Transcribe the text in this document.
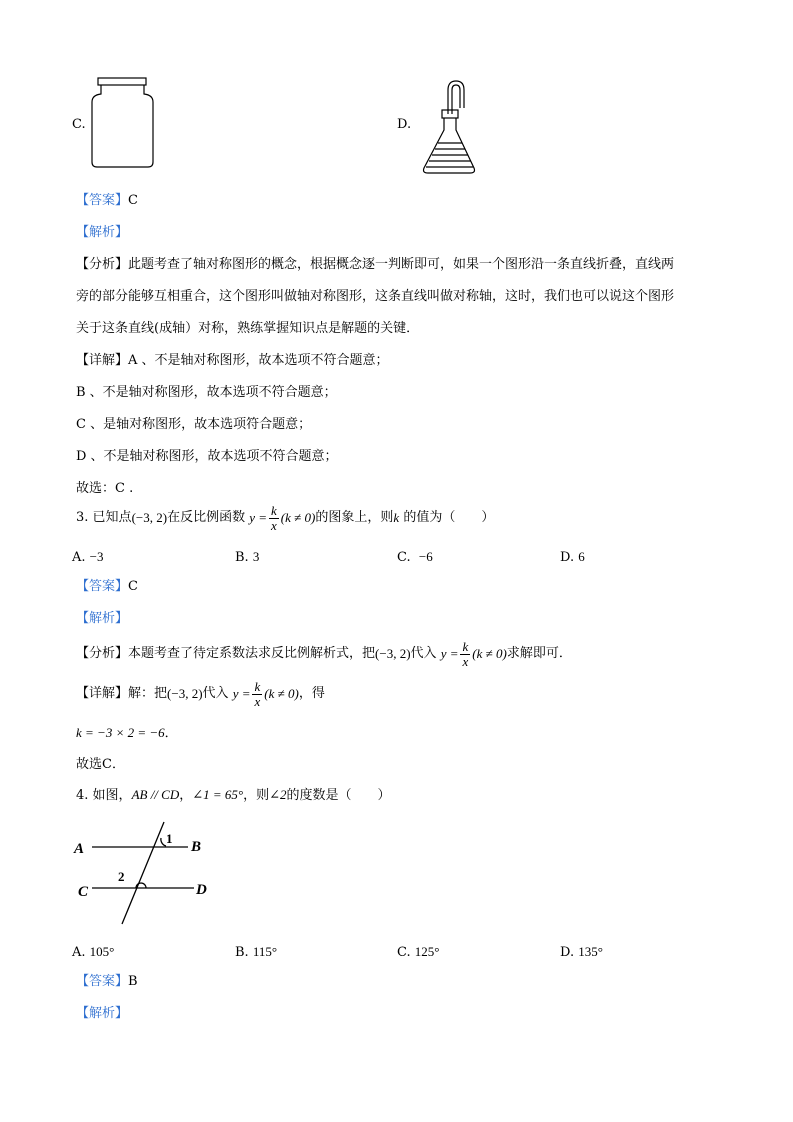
C.	D.
【答案】C
【解析】
【分析】此题考查了轴对称图形的概念，根据概念逐一判断即可，如果一个图形沿一条直线折叠，直线两
旁的部分能够互相重合，这个图形叫做轴对称图形，这条直线叫做对称轴，这时，我们也可以说这个图形
关于这条直线(成轴）对称，熟练掌握知识点是解题的关键．
【详解】A 、不是轴对称图形，故本选项不符合题意；
B 、不是轴对称图形，故本选项不符合题意；
C 、是轴对称图形，故本选项符合题意；
D 、不是轴对称图形，故本选项不符合题意；
故选：C .
3.
已知点 (−3, 2) 在反比例函数
$y = \frac{k}{x} (k \ne 0)$ 的图象上，则 k
的值为（　　）
A. −3	B. 3	C. −6	D. 6
【答案】C
【解析】
【分析】 本题考查了待定系数法求反比例解析式，把 (−3, 2) 代入
$y = \frac{k}{x} (k \ne 0)$ 求解即可．
【详解】 解：把 (−3, 2) 代入
$y = \frac{k}{x} (k \ne 0)$ ，得
k = −3 × 2 = −6．
故选C．
4. 如图，AB // CD，∠1 = 65°，则∠2的度数是（　　）
A	B
C	D
1
2
A. 105°	B. 115°	C. 125°	D. 135°
【答案】B
【解析】
